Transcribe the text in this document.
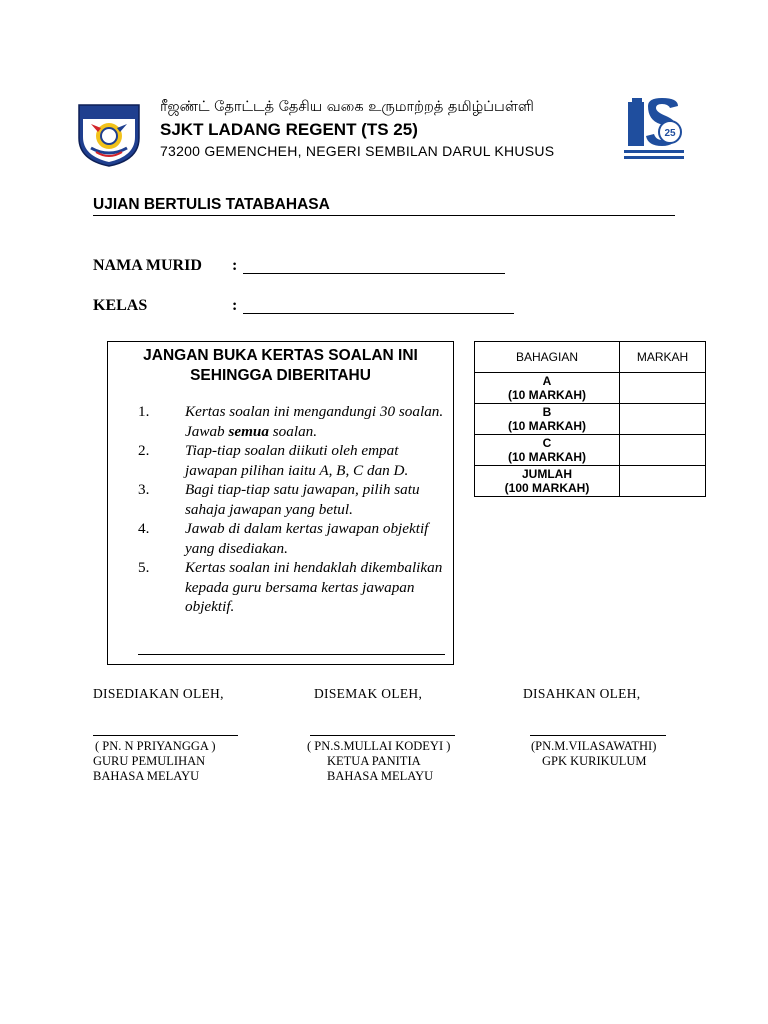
ரீஜண்ட் தோட்டத் தேசிய வகை உருமாற்றத் தமிழ்ப்பள்ளி
SJKT LADANG REGENT (TS 25)
73200 GEMENCHEH, NEGERI SEMBILAN DARUL KHUSUS
25
UJIAN BERTULIS TATABAHASA
NAMA MURID :
KELAS	:
JANGAN BUKA KERTAS SOALAN INI SEHINGGA DIBERITAHU
1.	Kertas soalan ini mengandungi 30 soalan. Jawab semua soalan.
2.	Tiap-tiap soalan diikuti oleh empat jawapan pilihan iaitu A, B, C dan D.
3.	Bagi tiap-tiap satu jawapan, pilih satu sahaja jawapan yang betul.
4.	Jawab di dalam kertas jawapan objektif yang disediakan.
5.	Kertas soalan ini hendaklah dikembalikan kepada guru bersama kertas jawapan objektif.
BAHAGIAN	MARKAH
A
(10 MARKAH)	
B
(10 MARKAH)	
C
(10 MARKAH)	
JUMLAH
(100 MARKAH)	
DISEDIAKAN OLEH,	DISEMAK OLEH,	DISAHKAN OLEH,
( PN. N PRIYANGGA )	( PN.S.MULLAI KODEYI )	(PN.M.VILASAWATHI)
GURU PEMULIHAN	KETUA PANITIA	GPK KURIKULUM
BAHASA MELAYU	BAHASA MELAYU
